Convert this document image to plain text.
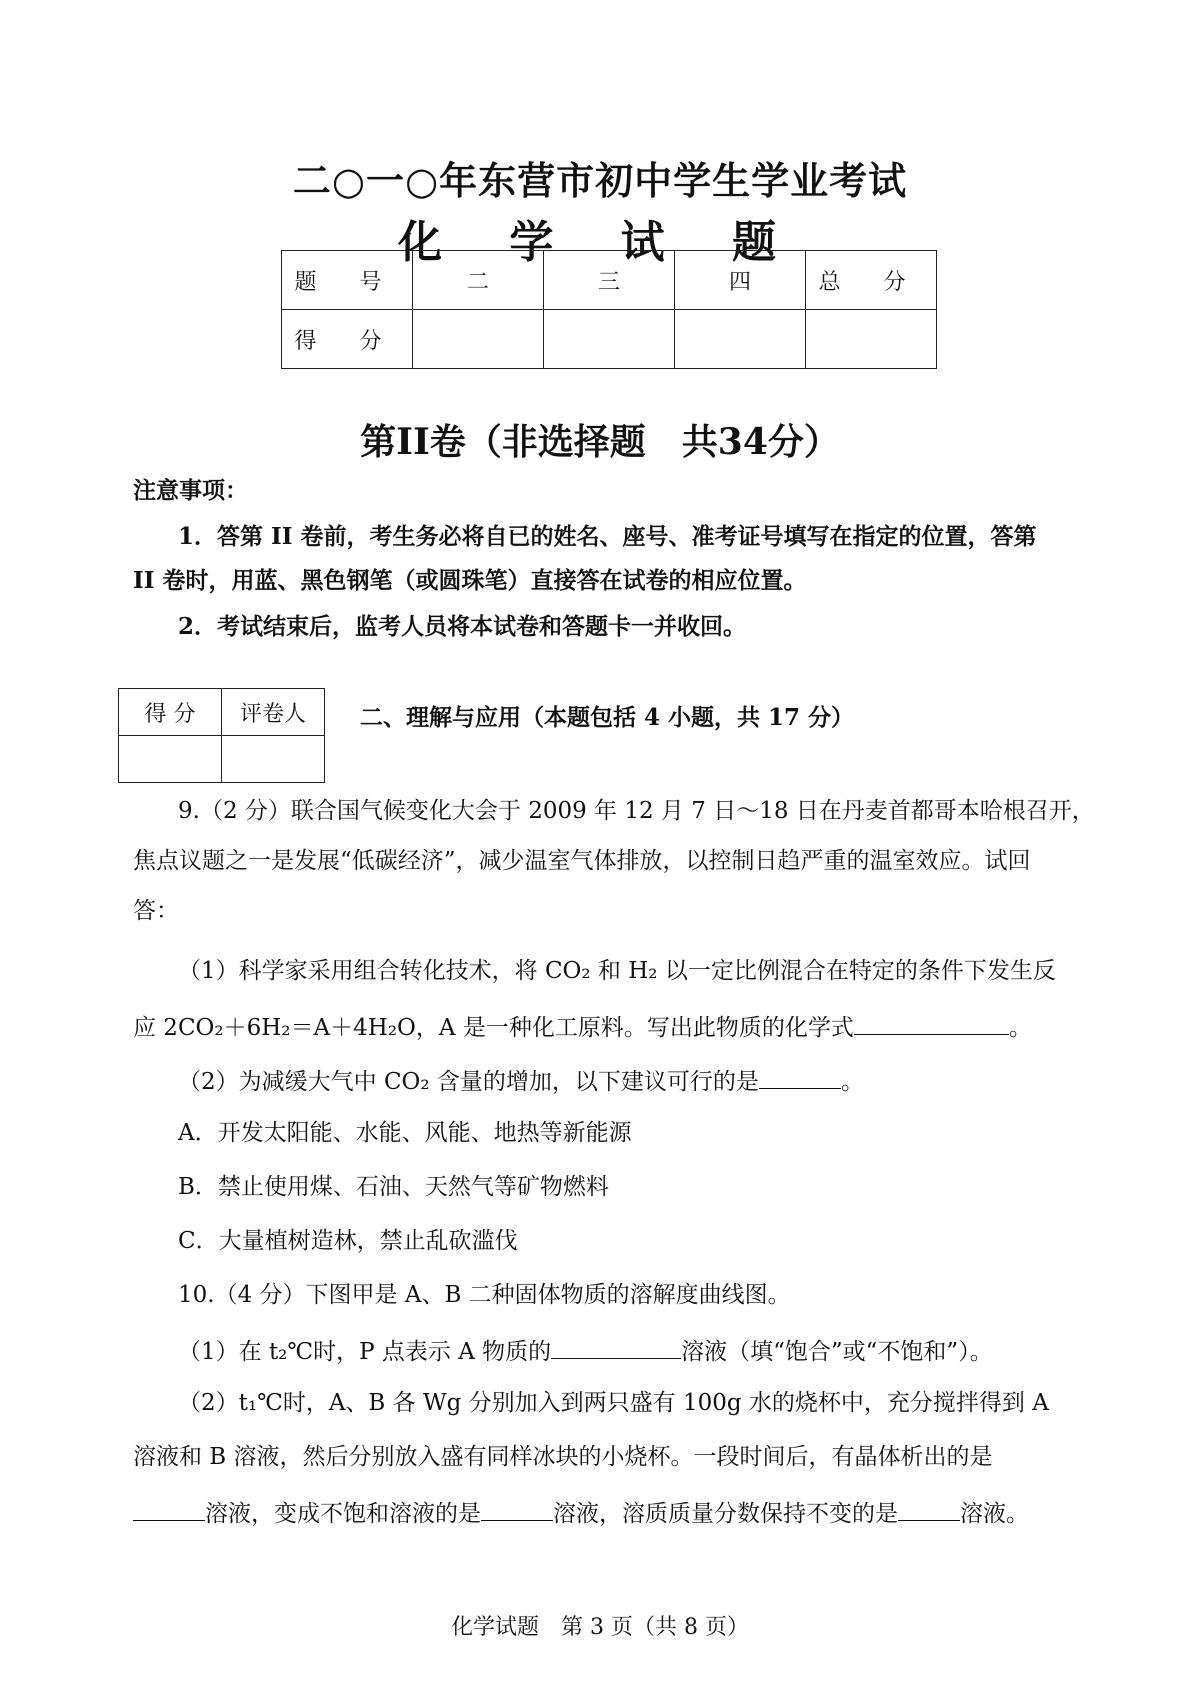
二○一○年东营市初中学生学业考试
化 学 试 题
题 号	二	三	四	总 分
得 分				
第II卷（非选择题　共34分）
注意事项：
1．答第 II 卷前，考生务必将自已的姓名、座号、准考证号填写在指定的位置，答第
II 卷时，用蓝、黑色钢笔（或圆珠笔）直接答在试卷的相应位置。
2．考试结束后，监考人员将本试卷和答题卡一并收回。
得 分	评卷人
	二、理解与应用（本题包括 4 小题，共 17 分）
9.（2 分）联合国气候变化大会于 2009 年 12 月 7 日～18 日在丹麦首都哥本哈根召开，
焦点议题之一是发展“低碳经济”，减少温室气体排放，以控制日趋严重的温室效应。试回
答：
（1）科学家采用组合转化技术，将 CO₂ 和 H₂ 以一定比例混合在特定的条件下发生反
应 2CO₂＋6H₂＝A＋4H₂O，A 是一种化工原料。写出此物质的化学式	。
（2）为减缓大气中 CO₂ 含量的增加，以下建议可行的是	。
A．开发太阳能、水能、风能、地热等新能源
B．禁止使用煤、石油、天然气等矿物燃料
C．大量植树造林，禁止乱砍滥伐
10.（4 分）下图甲是 A、B 二种固体物质的溶解度曲线图。
（1）在 t₂℃时，P 点表示 A 物质的	溶液（填“饱合”或“不饱和”）。
（2）t₁℃时，A、B 各 Wg 分别加入到两只盛有 100g 水的烧杯中，充分搅拌得到 A
溶液和 B 溶液，然后分别放入盛有同样冰块的小烧杯。一段时间后，有晶体析出的是
溶液，变成不饱和溶液的是	溶液，溶质质量分数保持不变的是	溶液。
化学试题　第 3 页（共 8 页）
